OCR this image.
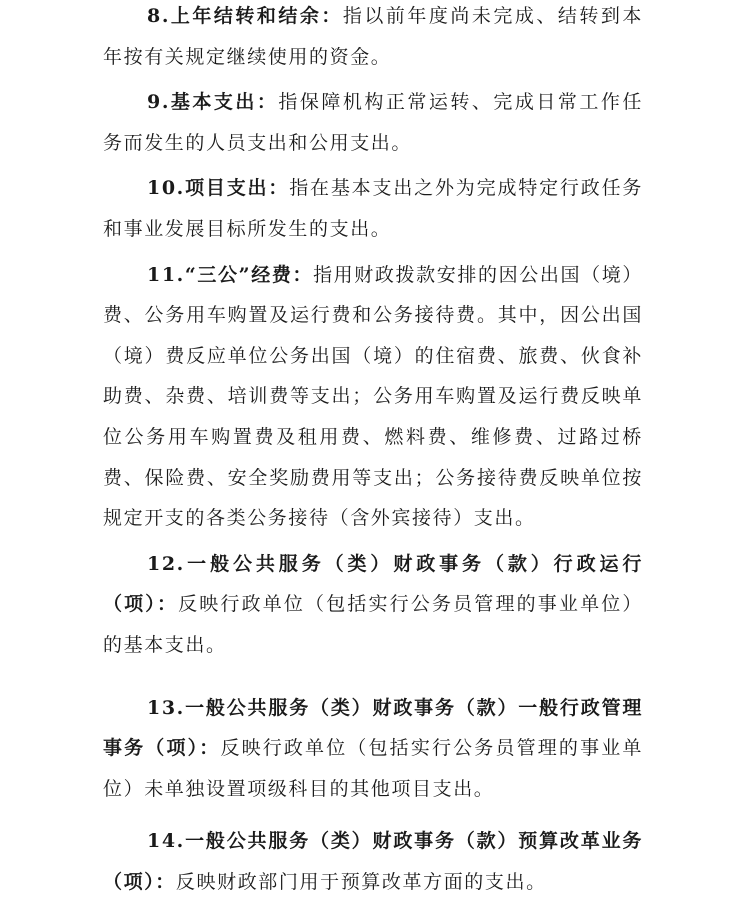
8.上年结转和结余：指以前年度尚未完成、结转到本年按有关规定继续使用的资金。

9.基本支出：指保障机构正常运转、完成日常工作任务而发生的人员支出和公用支出。

10.项目支出：指在基本支出之外为完成特定行政任务和事业发展目标所发生的支出。

11.“三公”经费：指用财政拨款安排的因公出国（境）费、公务用车购置及运行费和公务接待费。其中，因公出国（境）费反应单位公务出国（境）的住宿费、旅费、伙食补助费、杂费、培训费等支出；公务用车购置及运行费反映单位公务用车购置费及租用费、燃料费、维修费、过路过桥费、保险费、安全奖励费用等支出；公务接待费反映单位按规定开支的各类公务接待（含外宾接待）支出。

12.一般公共服务（类）财政事务（款）行政运行（项）：反映行政单位（包括实行公务员管理的事业单位）的基本支出。

13.一般公共服务（类）财政事务（款）一般行政管理事务（项）：反映行政单位（包括实行公务员管理的事业单位）未单独设置项级科目的其他项目支出。

14.一般公共服务（类）财政事务（款）预算改革业务（项）：反映财政部门用于预算改革方面的支出。
